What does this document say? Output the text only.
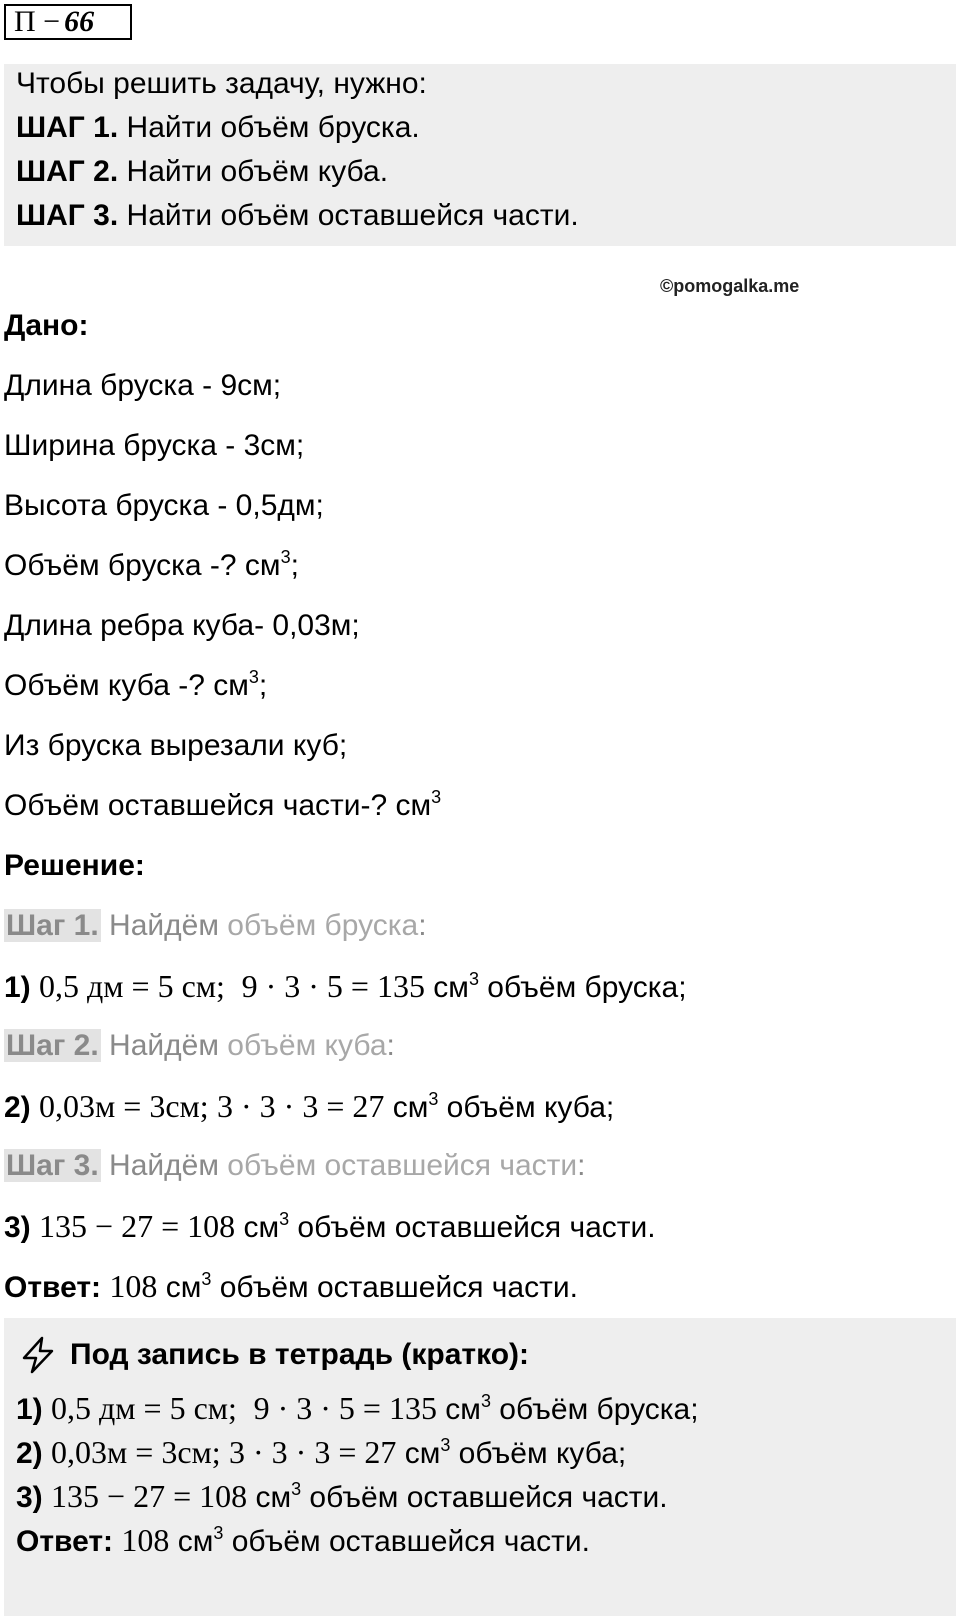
П − 66
Чтобы решить задачу, нужно:
ШАГ 1. Найти объём бруска.
ШАГ 2. Найти объём куба.
ШАГ 3. Найти объём оставшейся части.
©pomogalka.me
Дано:
Длина бруска - 9см;
Ширина бруска - 3см;
Высота бруска - 0,5дм;
Объём бруска -? $см^3$;
Длина ребра куба- 0,03м;
Объём куба -? $см^3$;
Из бруска вырезали куб;
Объём оставшейся части-? $см^3$
Решение:
Шаг 1. Найдём объём бруска:
1) 0,5 дм = 5 см; 9 · 3 · 5 = 135 $см^3$ объём бруска;
Шаг 2. Найдём объём куба:
2) 0,03м = 3см; 3 · 3 · 3 = 27 $см^3$ объём куба;
Шаг 3. Найдём объём оставшейся части:
3) 135 − 27 = 108 $см^3$ объём оставшейся части.
Ответ: 108 $см^3$ объём оставшейся части.
Под запись в тетрадь (кратко):
1) 0,5 дм = 5 см; 9 · 3 · 5 = 135 $см^3$ объём бруска;
2) 0,03м = 3см; 3 · 3 · 3 = 27 $см^3$ объём куба;
3) 135 − 27 = 108 $см^3$ объём оставшейся части.
Ответ: 108 $см^3$ объём оставшейся части.
